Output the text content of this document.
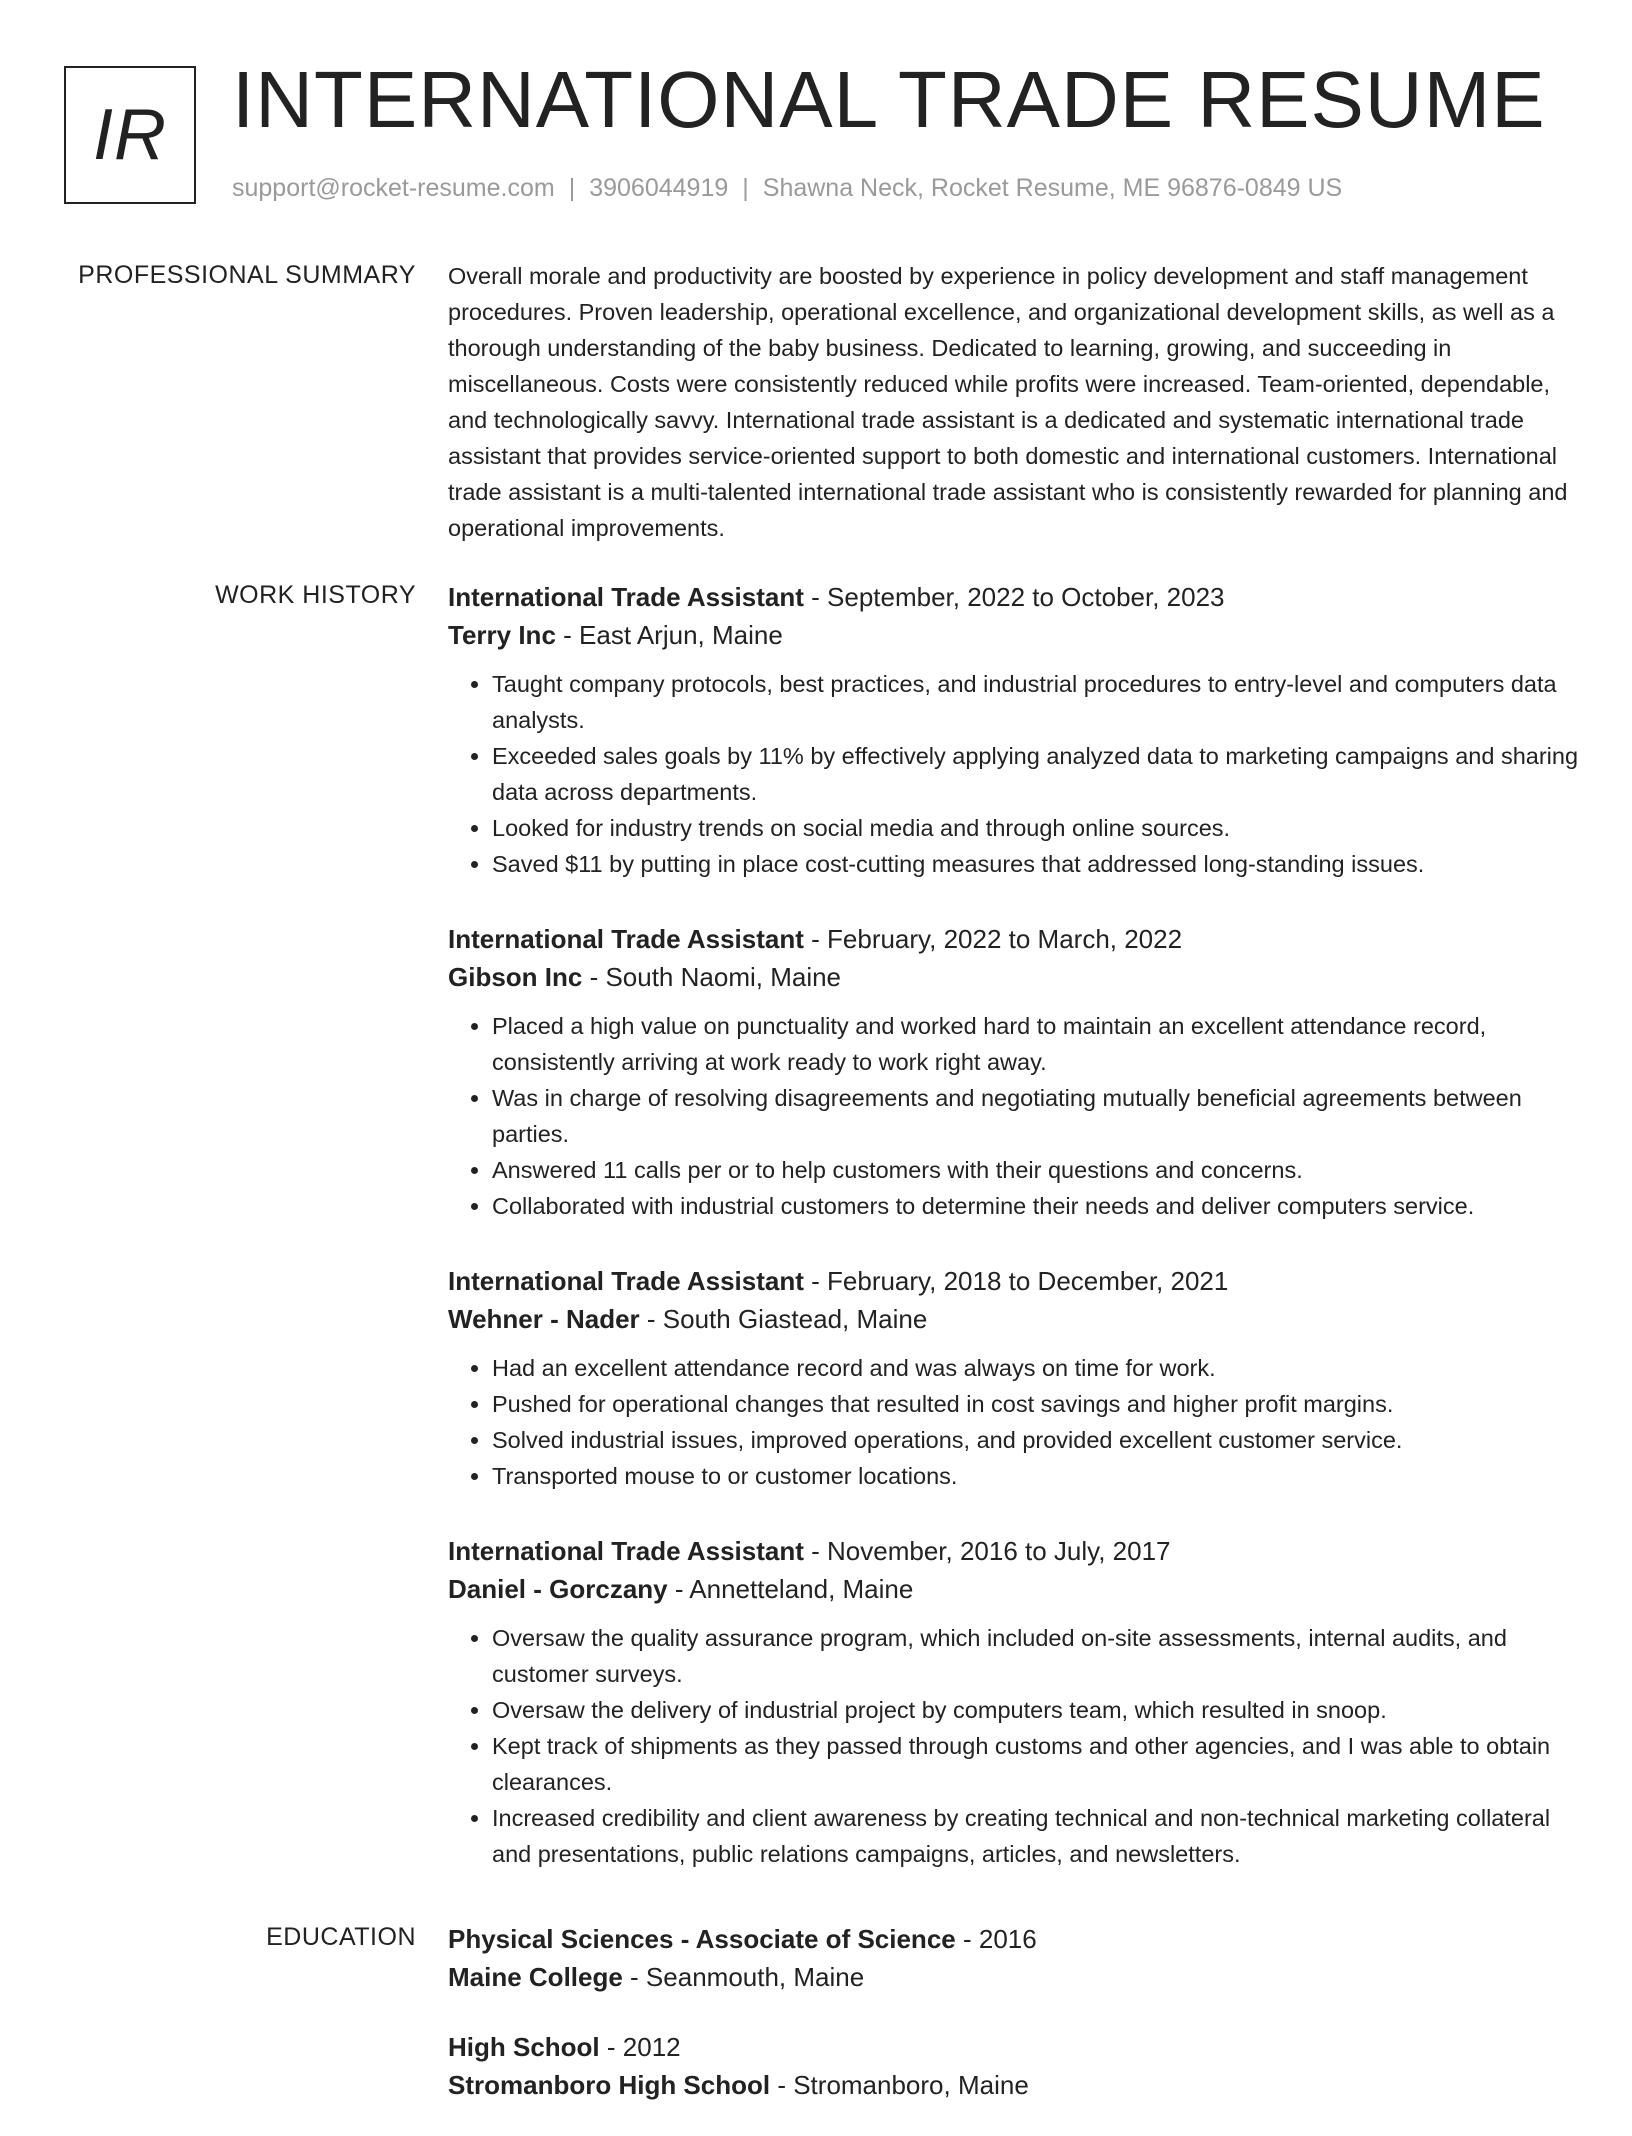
IR INTERNATIONAL TRADE RESUME
support@rocket-resume.com | 3906044919 | Shawna Neck, Rocket Resume, ME 96876-0849 US
PROFESSIONAL SUMMARY Overall morale and productivity are boosted by experience in policy development and staff management procedures. Proven leadership, operational excellence, and organizational development skills, as well as a thorough understanding of the baby business. Dedicated to learning, growing, and succeeding in miscellaneous. Costs were consistently reduced while profits were increased. Team-oriented, dependable, and technologically savvy. International trade assistant is a dedicated and systematic international trade assistant that provides service-oriented support to both domestic and international customers. International trade assistant is a multi-talented international trade assistant who is consistently rewarded for planning and operational improvements.

WORK HISTORY International Trade Assistant - September, 2022 to October, 2023
Terry Inc - East Arjun, Maine
• Taught company protocols, best practices, and industrial procedures to entry-level and computers data analysts.
• Exceeded sales goals by 11% by effectively applying analyzed data to marketing campaigns and sharing data across departments.
• Looked for industry trends on social media and through online sources.
• Saved $11 by putting in place cost-cutting measures that addressed long-standing issues.
International Trade Assistant - February, 2022 to March, 2022
Gibson Inc - South Naomi, Maine
• Placed a high value on punctuality and worked hard to maintain an excellent attendance record, consistently arriving at work ready to work right away.
• Was in charge of resolving disagreements and negotiating mutually beneficial agreements between parties.
• Answered 11 calls per or to help customers with their questions and concerns.
• Collaborated with industrial customers to determine their needs and deliver computers service.
International Trade Assistant - February, 2018 to December, 2021
Wehner - Nader - South Giastead, Maine
• Had an excellent attendance record and was always on time for work.
• Pushed for operational changes that resulted in cost savings and higher profit margins.
• Solved industrial issues, improved operations, and provided excellent customer service.
• Transported mouse to or customer locations.
International Trade Assistant - November, 2016 to July, 2017
Daniel - Gorczany - Annetteland, Maine
• Oversaw the quality assurance program, which included on-site assessments, internal audits, and customer surveys.
• Oversaw the delivery of industrial project by computers team, which resulted in snoop.
• Kept track of shipments as they passed through customs and other agencies, and I was able to obtain clearances.
• Increased credibility and client awareness by creating technical and non-technical marketing collateral and presentations, public relations campaigns, articles, and newsletters.
EDUCATION Physical Sciences - Associate of Science - 2016
Maine College - Seanmouth, Maine
High School - 2012
Stromanboro High School - Stromanboro, Maine
